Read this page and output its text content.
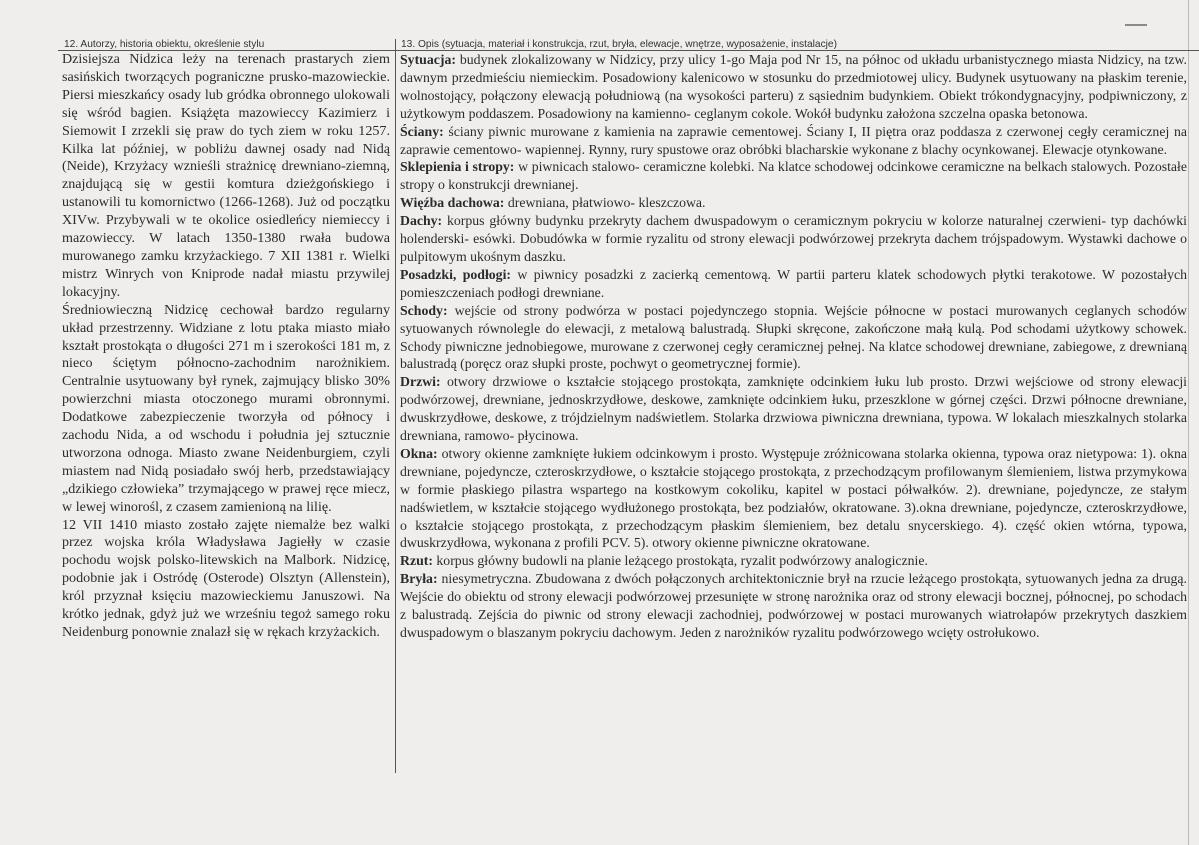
12. Autorzy, historia obiektu, określenie stylu	13. Opis (sytuacja, materiał i konstrukcja, rzut, bryła, elewacje, wnętrze, wyposażenie, instalacje)

Dzisiejsza Nidzica leży na terenach prastarych ziem sasińskich tworzących pograniczne prusko-mazowieckie. Piersi mieszkańcy osady lub gródka obronnego ulokowali się wśród bagien. Książęta mazowieccy Kazimierz i Siemowit I zrzekli się praw do tych ziem w roku 1257. Kilka lat później, w pobliżu dawnej osady nad Nidą (Neide), Krzyżacy wznieśli strażnicę drewniano-ziemną, znajdującą się w gestii komtura dzieżgońskiego i ustanowili tu komornictwo (1266-1268). Już od początku XIVw. Przybywali w te okolice osiedleńcy niemieccy i mazowieccy. W latach 1350-1380 rwała budowa murowanego zamku krzyżackiego. 7 XII 1381 r. Wielki mistrz Winrych von Kniprode nadał miastu przywilej lokacyjny.

Średniowieczną Nidzicę cechował bardzo regularny układ przestrzenny. Widziane z lotu ptaka miasto miało kształt prostokąta o długości 271 m i szerokości 181 m, z nieco ściętym północno-zachodnim narożnikiem. Centralnie usytuowany był rynek, zajmujący blisko 30% powierzchni miasta otoczonego murami obronnymi. Dodatkowe zabezpieczenie tworzyła od północy i zachodu Nida, a od wschodu i południa jej sztucznie utworzona odnoga. Miasto zwane Neidenburgiem, czyli miastem nad Nidą posiadało swój herb, przedstawiający „dzikiego człowieka” trzymającego w prawej ręce miecz, w lewej winorośl, z czasem zamienioną na lilię.

12 VII 1410 miasto zostało zajęte niemalże bez walki przez wojska króla Władysława Jagiełły w czasie pochodu wojsk polsko-litewskich na Malbork. Nidzicę, podobnie jak i Ostródę (Osterode) Olsztyn (Allenstein), król przyznał księciu mazowieckiemu Januszowi. Na krótko jednak, gdyż już we wrześniu tegoż samego roku Neidenburg ponownie znalazł się w rękach krzyżackich.

Sytuacja: budynek zlokalizowany w Nidzicy, przy ulicy 1-go Maja pod Nr 15, na północ od układu urbanistycznego miasta Nidzicy, na tzw. dawnym przedmieściu niemieckim. Posadowiony kalenicowo w stosunku do przedmiotowej ulicy. Budynek usytuowany na płaskim terenie, wolnostojący, połączony elewacją południową (na wysokości parteru) z sąsiednim budynkiem. Obiekt trókondygnacyjny, podpiwniczony, z użytkowym poddaszem. Posadowiony na kamienno- ceglanym cokole. Wokół budynku założona szczelna opaska betonowa.

Ściany: ściany piwnic murowane z kamienia na zaprawie cementowej. Ściany I, II piętra oraz poddasza z czerwonej cegły ceramicznej na zaprawie cementowo- wapiennej. Rynny, rury spustowe oraz obróbki blacharskie wykonane z blachy ocynkowanej. Elewacje otynkowane.

Sklepienia i stropy: w piwnicach stalowo- ceramiczne kolebki. Na klatce schodowej odcinkowe ceramiczne na belkach stalowych. Pozostałe stropy o konstrukcji drewnianej.

Więźba dachowa: drewniana, płatwiowo- kleszczowa.

Dachy: korpus główny budynku przekryty dachem dwuspadowym o ceramicznym pokryciu w kolorze naturalnej czerwieni- typ dachówki holenderski- esówki. Dobudówka w formie ryzalitu od strony elewacji podwórzowej przekryta dachem trójspadowym. Wystawki dachowe o pulpitowym ukośnym daszku.

Posadzki, podłogi: w piwnicy posadzki z zacierką cementową. W partii parteru klatek schodowych płytki terakotowe. W pozostałych pomieszczeniach podłogi drewniane.

Schody: wejście od strony podwórza w postaci pojedynczego stopnia. Wejście północne w postaci murowanych ceglanych schodów sytuowanych równolegle do elewacji, z metalową balustradą. Słupki skręcone, zakończone małą kulą. Pod schodami użytkowy schowek. Schody piwniczne jednobiegowe, murowane z czerwonej cegły ceramicznej pełnej. Na klatce schodowej drewniane, zabiegowe, z drewnianą balustradą (poręcz oraz słupki proste, pochwyt o geometrycznej formie).

Drzwi: otwory drzwiowe o kształcie stojącego prostokąta, zamknięte odcinkiem łuku lub prosto. Drzwi wejściowe od strony elewacji podwórzowej, drewniane, jednoskrzydłowe, deskowe, zamknięte odcinkiem łuku, przeszklone w górnej części. Drzwi północne drewniane, dwuskrzydłowe, deskowe, z trójdzielnym nadświetlem. Stolarka drzwiowa piwniczna drewniana, typowa. W lokalach mieszkalnych stolarka drewniana, ramowo- płycinowa.

Okna: otwory okienne zamknięte łukiem odcinkowym i prosto. Występuje zróżnicowana stolarka okienna, typowa oraz nietypowa: 1). okna drewniane, pojedyncze, czteroskrzydłowe, o kształcie stojącego prostokąta, z przechodzącym profilowanym ślemieniem, listwa przymykowa w formie płaskiego pilastra wspartego na kostkowym cokoliku, kapitel w postaci półwałków. 2). drewniane, pojedyncze, ze stałym nadświetlem, w kształcie stojącego wydłużonego prostokąta, bez podziałów, okratowane. 3).okna drewniane, pojedyncze, czteroskrzydłowe, o kształcie stojącego prostokąta, z przechodzącym płaskim ślemieniem, bez detalu snycerskiego. 4). część okien wtórna, typowa, dwuskrzydłowa, wykonana z profili PCV. 5). otwory okienne piwniczne okratowane.

Rzut: korpus główny budowli na planie leżącego prostokąta, ryzalit podwórzowy analogicznie.

Bryła: niesymetryczna. Zbudowana z dwóch połączonych architektonicznie brył na rzucie leżącego prostokąta, sytuowanych jedna za drugą. Wejście do obiektu od strony elewacji podwórzowej przesunięte w stronę narożnika oraz od strony elewacji bocznej, północnej, po schodach z balustradą. Zejścia do piwnic od strony elewacji zachodniej, podwórzowej w postaci murowanych wiatrołapów przekrytych daszkiem dwuspadowym o blaszanym pokryciu dachowym. Jeden z narożników ryzalitu podwórzowego wcięty ostrołukowo.
